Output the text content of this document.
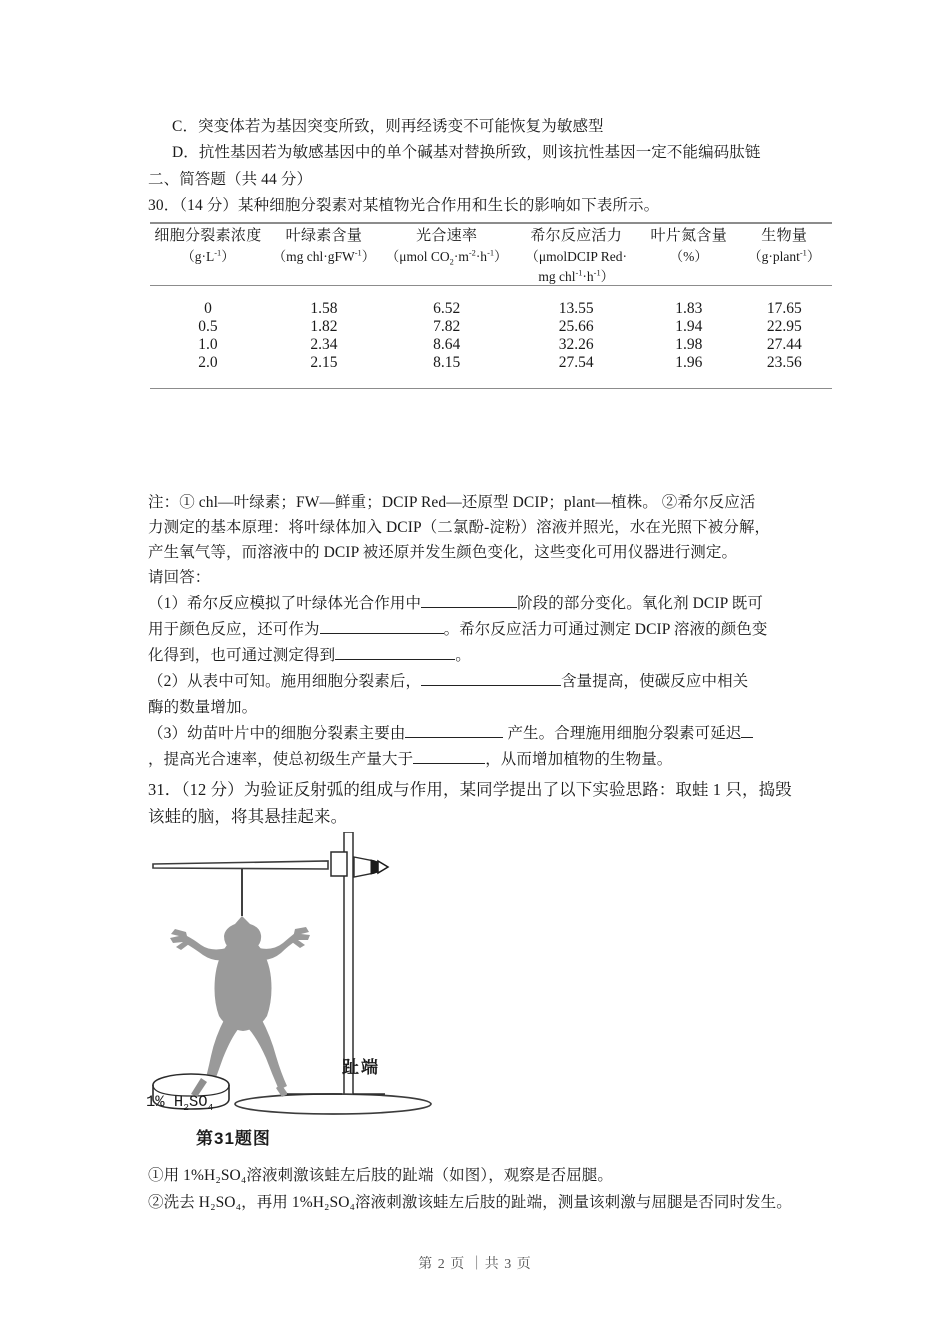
C．突变体若为基因突变所致，则再经诱变不可能恢复为敏感型
D．抗性基因若为敏感基因中的单个碱基对替换所致，则该抗性基因一定不能编码肽链
二、简答题（共 44 分）
30．（14 分）某种细胞分裂素对某植物光合作用和生长的影响如下表所示。
细胞分裂素浓度	叶绿素含量	光合速率	希尔反应活力	叶片氮含量	生物量
$(g\cdot L^{-1})$	（mg chl·gFW$^{-1}$）	（μmol $CO_2\cdot m^{-2}\cdot h^{-1}$）	（μmolDCIP Red·	（%）	（g·plant$^{-1}$）
			mg $chl^{-1}\cdot h^{-1}$）		
0	1.58	6.52	13.55	1.83	17.65
0.5	1.82	7.82	25.66	1.94	22.95
1.0	2.34	8.64	32.26	1.98	27.44
2.0	2.15	8.15	27.54	1.96	23.56
注：① chl—叶绿素；FW—鲜重；DCIP Red—还原型 DCIP；plant—植株。 ②希尔反应活
力测定的基本原理：将叶绿体加入 DCIP（二氯酚-淀粉）溶液并照光，水在光照下被分解，
产生氧气等，而溶液中的 DCIP 被还原并发生颜色变化，这些变化可用仪器进行测定。
请回答：
（1）希尔反应模拟了叶绿体光合作用中	阶段的部分变化。氧化剂 DCIP 既可
用于颜色反应，还可作为	。希尔反应活力可通过测定 DCIP 溶液的颜色变
化得到，也可通过测定得到	。
（2）从表中可知。施用细胞分裂素后，	含量提高，使碳反应中相关
酶的数量增加。
（3）幼苗叶片中的细胞分裂素主要由	产生。合理施用细胞分裂素可延迟
，提高光合速率，使总初级生产量大于	，从而增加植物的生物量。
31．（12 分）为验证反射弧的组成与作用，某同学提出了以下实验思路：取蛙 1 只，捣毁
该蛙的脑，将其悬挂起来。
趾端
1% $H_2SO_4$
第31题图
①用 1%H₂SO₄溶液刺激该蛙左后肢的趾端（如图），观察是否屈腿。
②洗去 H₂SO₄，再用 1%H₂SO₄溶液刺激该蛙左后肢的趾端，测量该刺激与屈腿是否同时发生。
第 2 页 ｜共 3 页
